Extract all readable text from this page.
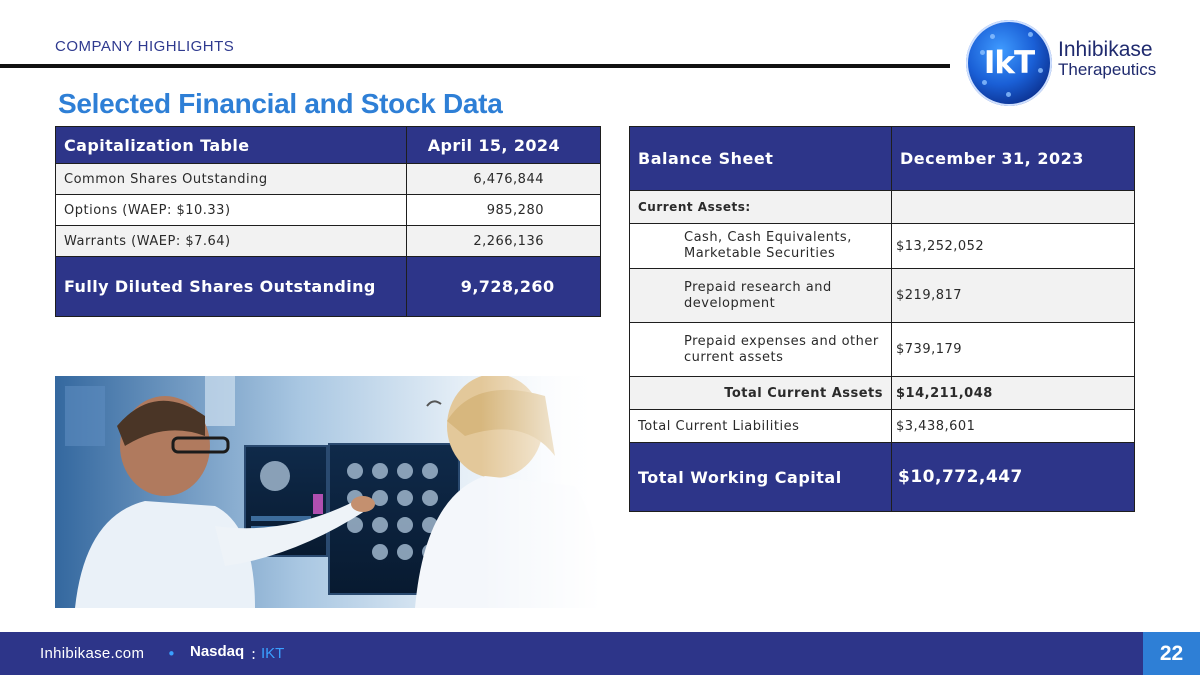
COMPANY HIGHLIGHTS
Selected Financial and Stock Data
IkT	Inhibikase
Therapeutics
Capitalization Table	April 15, 2024
Common Shares Outstanding	6,476,844
Options (WAEP: $10.33)	985,280
Warrants (WAEP: $7.64)	2,266,136
Fully Diluted Shares Outstanding	9,728,260
Balance Sheet	December 31, 2023
Current Assets:	
Cash, Cash Equivalents, Marketable Securities	$13,252,052
Prepaid research and development	$219,817
Prepaid expenses and other current assets	$739,179
Total Current Assets	$14,211,048
Total Current Liabilities	$3,438,601
Total Working Capital	$10,772,447
Inhibikase.com • Nasdaq : IKT	22
